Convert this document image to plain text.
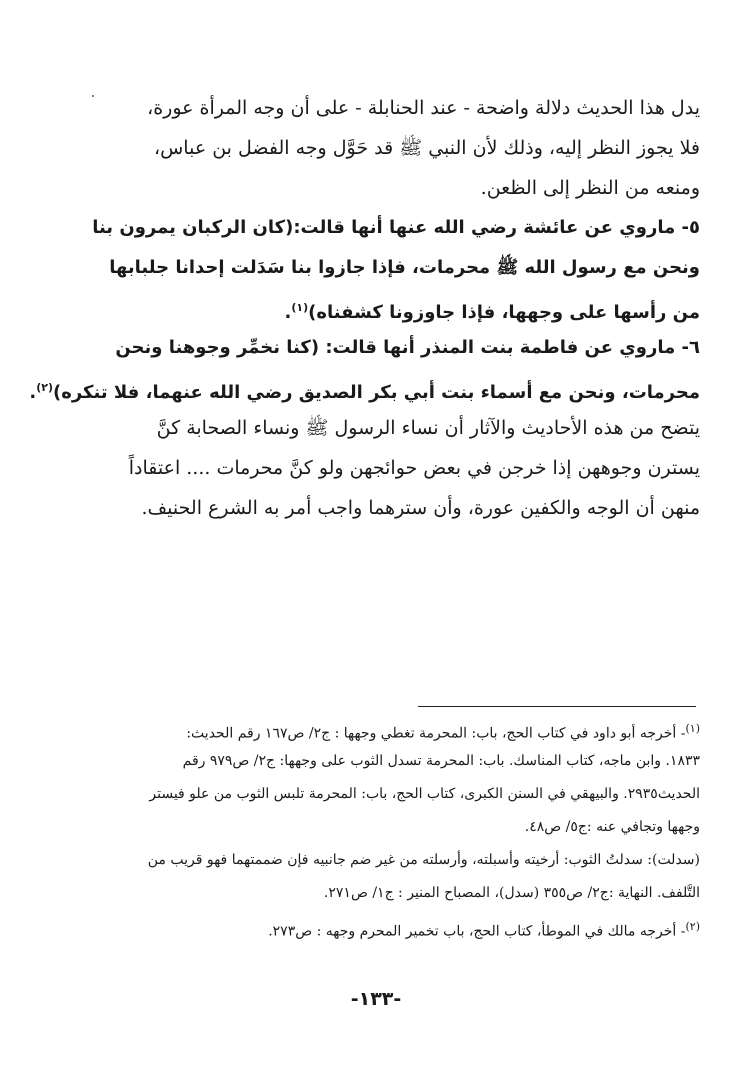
يدل هذا الحديث دلالة واضحة - عند الحنابلة - على أن وجه المرأة عورة،
فلا يجوز النظر إليه، وذلك لأن النبي ﷺ قد حَوَّل وجه الفضل بن عباس،
ومنعه من النظر إلى الظعن.
٥- ماروي عن عائشة رضي الله عنها أنها قالت:(كان الركبان يمرون بنا
ونحن مع رسول الله ﷺ محرمات، فإذا جازوا بنا سَدَلت إحدانا جلبابها
من رأسها على وجهها، فإذا جاوزونا كشفناه)$^{(١)}$.
٦- ماروي عن فاطمة بنت المنذر أنها قالت: (كنا نخمِّر وجوهنا ونحن
محرمات، ونحن مع أسماء بنت أبي بكر الصديق رضي الله عنهما، فلا تنكره)$^{(٢)}$.
يتضح من هذه الأحاديث والآثار أن نساء الرسول ﷺ ونساء الصحابة كنَّ
يسترن وجوههن إذا خرجن في بعض حوائجهن ولو كنَّ محرمات .... اعتقاداً
منهن أن الوجه والكفين عورة، وأن سترهما واجب أمر به الشرع الحنيف.
$^{(١)}$- أخرجه أبو داود في كتاب الحج، باب: المحرمة تغطي وجهها : ج٢/ ص١٦٧ رقم الحديث:
١٨٣٣. وابن ماجه، كتاب المناسك. باب: المحرمة تسدل الثوب على وجهها: ج٢/ ص٩٧٩ رقم
الحديث٢٩٣٥. والبيهقي في السنن الكبرى، كتاب الحج، باب: المحرمة تلبس الثوب من علو فيستر
وجهها وتجافي عنه :ج٥/ ص٤٨.
(سدلت): سدلتُ الثوب: أرخيته وأسبلته، وأرسلته من غير ضم جانبيه فإن ضممتهما فهو قريب من
التَّلفف. النهاية :ج٢/ ص٣٥٥ (سدل)، المصباح المنير : ج١/ ص٢٧١.
$^{(٢)}$- أخرجه مالك في الموطأ، كتاب الحج، باب تخمير المحرم وجهه : ص٢٧٣.
-١٣٣-
